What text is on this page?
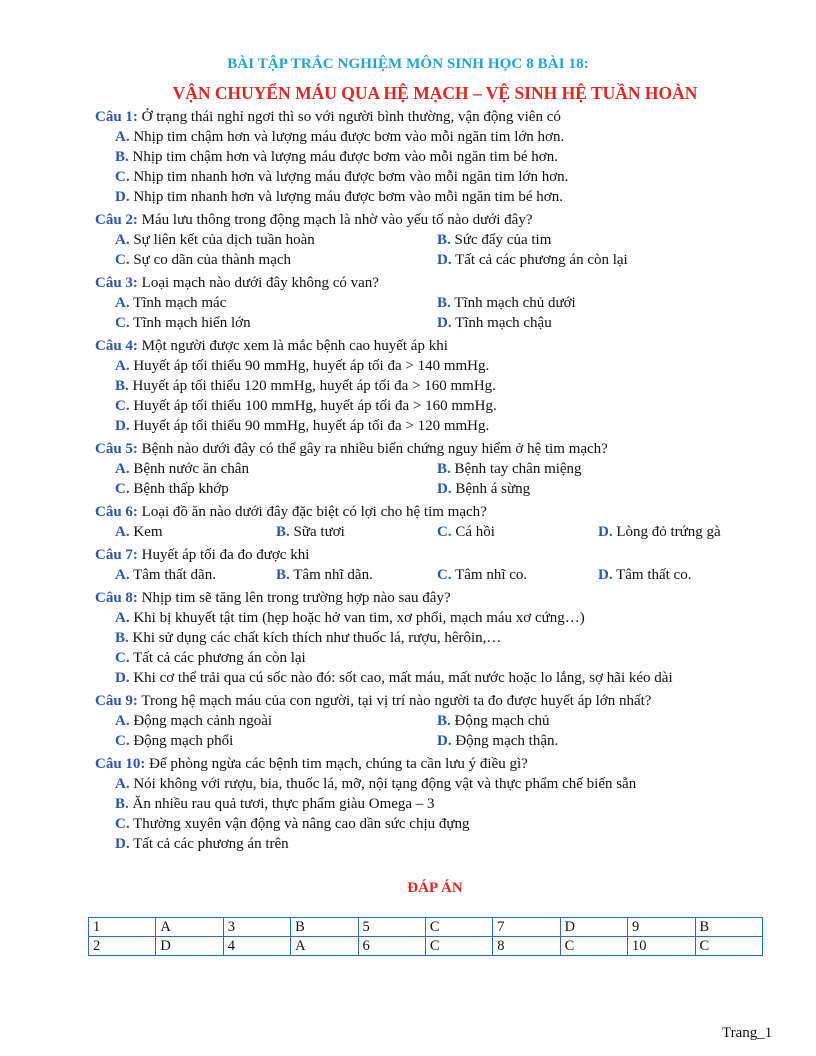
BÀI TẬP TRẮC NGHIỆM MÔN SINH HỌC 8 BÀI 18:
VẬN CHUYỂN MÁU QUA HỆ MẠCH – VỆ SINH HỆ TUẦN HOÀN
Câu 1: Ở trạng thái nghỉ ngơi thì so với người bình thường, vận động viên có
A. Nhịp tim chậm hơn và lượng máu được bơm vào mỗi ngăn tim lớn hơn.
B. Nhịp tim chậm hơn và lượng máu được bơm vào mỗi ngăn tim bé hơn.
C. Nhịp tim nhanh hơn và lượng máu được bơm vào mỗi ngăn tim lớn hơn.
D. Nhịp tim nhanh hơn và lượng máu được bơm vào mỗi ngăn tim bé hơn.
Câu 2: Máu lưu thông trong động mạch là nhờ vào yếu tố nào dưới đây?
A. Sự liên kết của dịch tuần hoàn	B. Sức đẩy của tim
C. Sự co dãn của thành mạch	D. Tất cả các phương án còn lại
Câu 3: Loại mạch nào dưới đây không có van?
A. Tĩnh mạch mác	B. Tĩnh mạch chủ dưới
C. Tĩnh mạch hiển lớn	D. Tĩnh mạch chậu
Câu 4: Một người được xem là mắc bệnh cao huyết áp khi
A. Huyết áp tối thiểu 90 mmHg, huyết áp tối đa > 140 mmHg.
B. Huyết áp tối thiểu 120 mmHg, huyết áp tối đa > 160 mmHg.
C. Huyết áp tối thiểu 100 mmHg, huyết áp tối đa > 160 mmHg.
D. Huyết áp tối thiểu 90 mmHg, huyết áp tối đa > 120 mmHg.
Câu 5: Bệnh nào dưới đây có thể gây ra nhiều biến chứng nguy hiểm ở hệ tim mạch?
A. Bệnh nước ăn chân	B. Bệnh tay chân miệng
C. Bệnh thấp khớp	D. Bệnh á sừng
Câu 6: Loại đồ ăn nào dưới đây đặc biệt có lợi cho hệ tim mạch?
A. Kem	B. Sữa tươi	C. Cá hồi	D. Lòng đỏ trứng gà
Câu 7: Huyết áp tối đa đo được khi
A. Tâm thất dãn.	B. Tâm nhĩ dãn.	C. Tâm nhĩ co.	D. Tâm thất co.
Câu 8: Nhịp tim sẽ tăng lên trong trường hợp nào sau đây?
A. Khi bị khuyết tật tim (hẹp hoặc hở van tim, xơ phổi, mạch máu xơ cứng…)
B. Khi sử dụng các chất kích thích như thuốc lá, rượu, hêrôin,…
C. Tất cả các phương án còn lại
D. Khi cơ thể trải qua cú sốc nào đó: sốt cao, mất máu, mất nước hoặc lo lắng, sợ hãi kéo dài
Câu 9: Trong hệ mạch máu của con người, tại vị trí nào người ta đo được huyết áp lớn nhất?
A. Động mạch cảnh ngoài	B. Động mạch chủ
C. Động mạch phổi	D. Động mạch thận.
Câu 10: Để phòng ngừa các bệnh tim mạch, chúng ta cần lưu ý điều gì?
A. Nói không với rượu, bia, thuốc lá, mỡ, nội tạng động vật và thực phẩm chế biến sẵn
B. Ăn nhiều rau quả tươi, thực phẩm giàu Omega – 3
C. Thường xuyên vận động và nâng cao dần sức chịu đựng
D. Tất cả các phương án trên
ĐÁP ÁN
1	A	3	B	5	C	7	D	9	B
2	D	4	A	6	C	8	C	10	C
Trang_1
